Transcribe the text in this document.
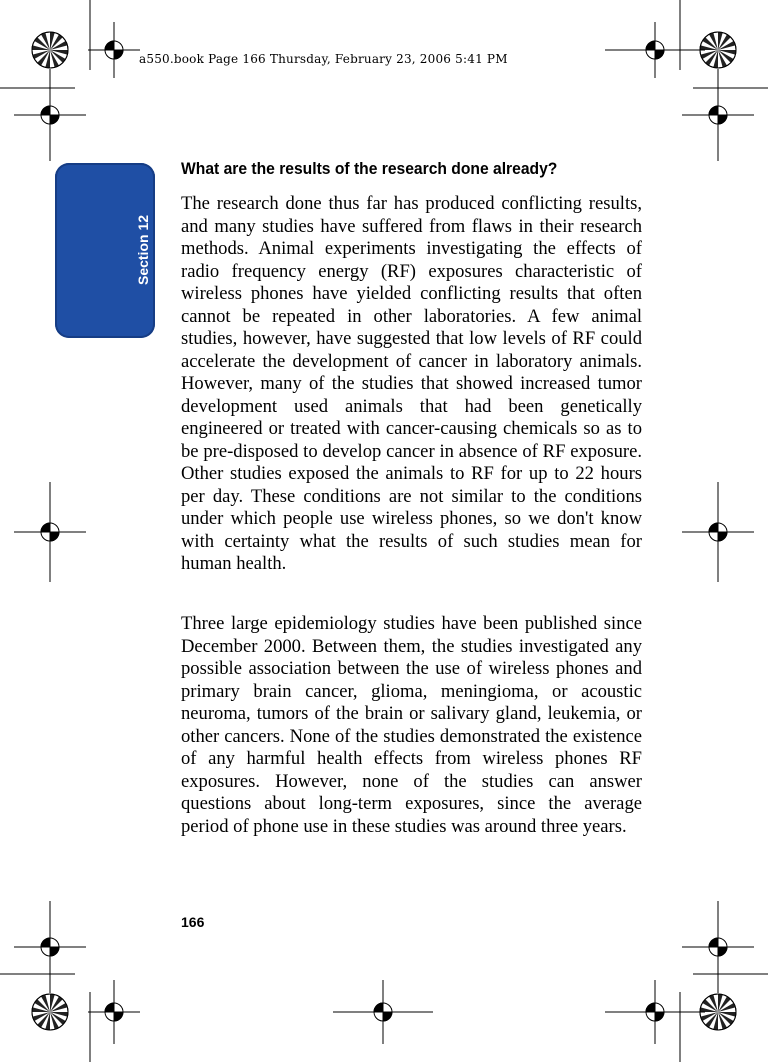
a550.book Page 166 Thursday, February 23, 2006 5:41 PM
Section 12
What are the results of the research done already?

The research done thus far has produced conflicting results, and many studies have suffered from flaws in their research methods. Animal experiments investigating the effects of radio frequency energy (RF) exposures characteristic of wireless phones have yielded conflicting results that often cannot be repeated in other laboratories. A few animal studies, however, have suggested that low levels of RF could accelerate the development of cancer in laboratory animals. However, many of the studies that showed increased tumor development used animals that had been genetically engineered or treated with cancer-causing chemicals so as to be pre-disposed to develop cancer in absence of RF exposure. Other studies exposed the animals to RF for up to 22 hours per day. These conditions are not similar to the conditions under which people use wireless phones, so we don't know with certainty what the results of such studies mean for human health.

Three large epidemiology studies have been published since December 2000. Between them, the studies investigated any possible association between the use of wireless phones and primary brain cancer, glioma, meningioma, or acoustic neuroma, tumors of the brain or salivary gland, leukemia, or other cancers. None of the studies demonstrated the existence of any harmful health effects from wireless phones RF exposures. However, none of the studies can answer questions about long-term exposures, since the average period of phone use in these studies was around three years.

166
